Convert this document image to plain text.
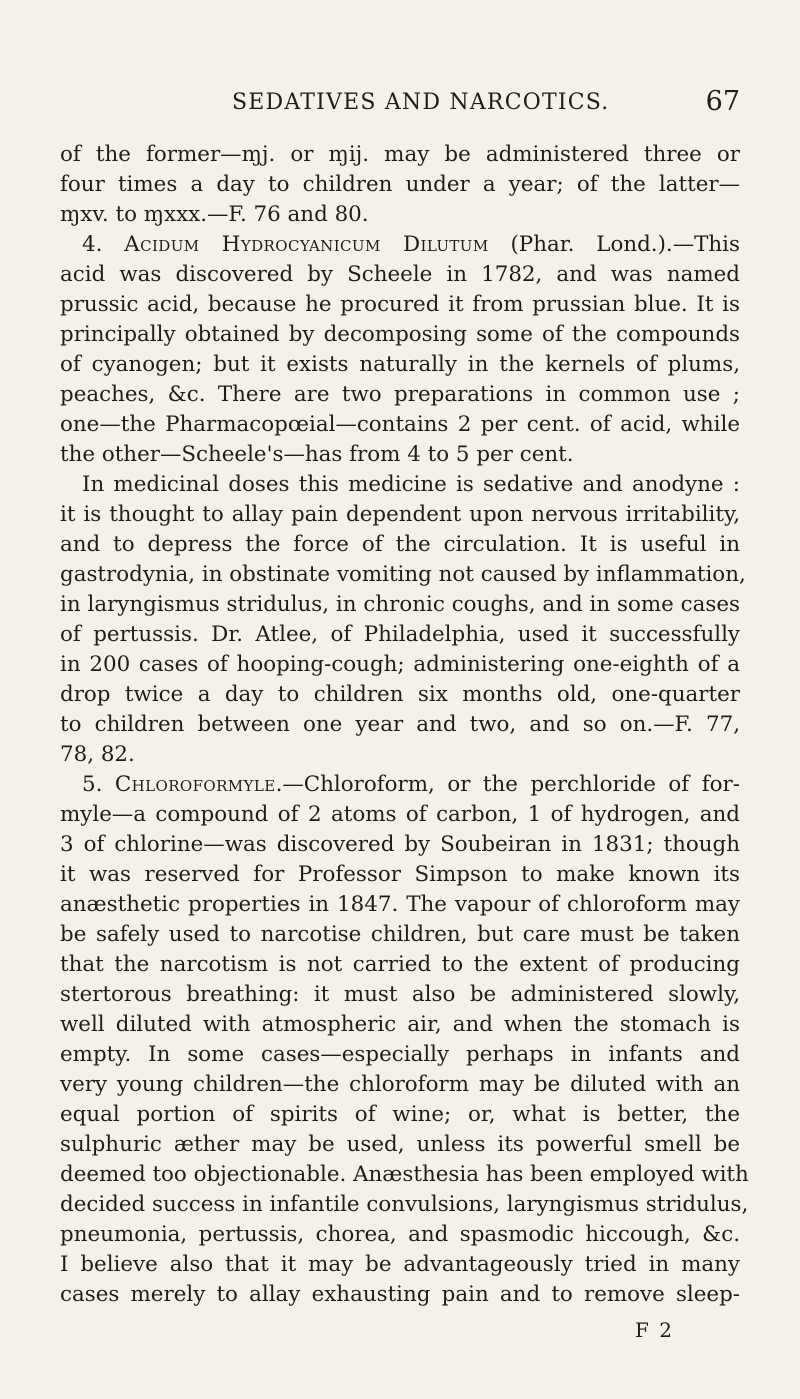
SEDATIVES AND NARCOTICS.	67
of the former—ɱj. or ɱij. may be administered three or
four times a day to children under a year; of the latter—
ɱxv. to ɱxxx.—F. 76 and 80.
4. Acidum Hydrocyanicum Dilutum (Phar. Lond.).—This
acid was discovered by Scheele in 1782, and was named
prussic acid, because he procured it from prussian blue. It is
principally obtained by decomposing some of the compounds
of cyanogen; but it exists naturally in the kernels of plums,
peaches, &c. There are two preparations in common use ;
one—the Pharmacopœial—contains 2 per cent. of acid, while
the other—Scheele's—has from 4 to 5 per cent.
In medicinal doses this medicine is sedative and anodyne :
it is thought to allay pain dependent upon nervous irritability,
and to depress the force of the circulation. It is useful in
gastrodynia, in obstinate vomiting not caused by inflammation,
in laryngismus stridulus, in chronic coughs, and in some cases
of pertussis. Dr. Atlee, of Philadelphia, used it successfully
in 200 cases of hooping-cough; administering one-eighth of a
drop twice a day to children six months old, one-quarter
to children between one year and two, and so on.—F. 77,
78, 82.
5. Chloroformyle.—Chloroform, or the perchloride of for-
myle—a compound of 2 atoms of carbon, 1 of hydrogen, and
3 of chlorine—was discovered by Soubeiran in 1831; though
it was reserved for Professor Simpson to make known its
anæsthetic properties in 1847. The vapour of chloroform may
be safely used to narcotise children, but care must be taken
that the narcotism is not carried to the extent of producing
stertorous breathing: it must also be administered slowly,
well diluted with atmospheric air, and when the stomach is
empty. In some cases—especially perhaps in infants and
very young children—the chloroform may be diluted with an
equal portion of spirits of wine; or, what is better, the
sulphuric æther may be used, unless its powerful smell be
deemed too objectionable. Anæsthesia has been employed with
decided success in infantile convulsions, laryngismus stridulus,
pneumonia, pertussis, chorea, and spasmodic hiccough, &c.
I believe also that it may be advantageously tried in many
cases merely to allay exhausting pain and to remove sleep-
F 2
